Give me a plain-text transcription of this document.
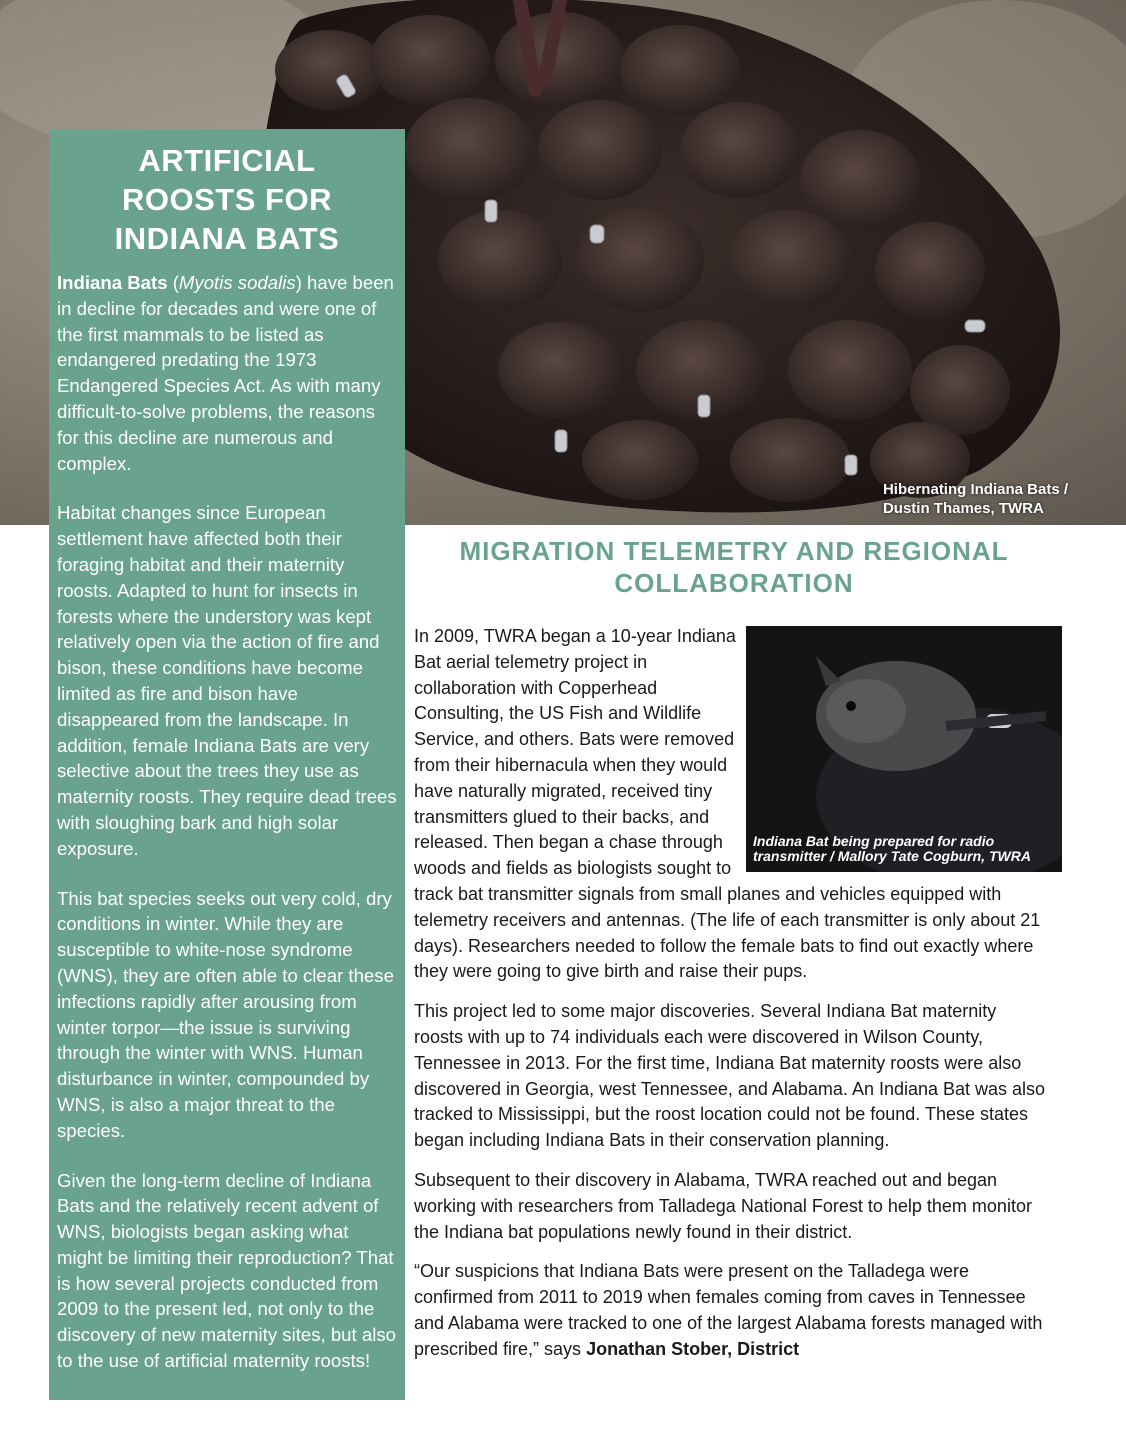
Hibernating Indiana Bats /
Dustin Thames, TWRA
ARTIFICIAL ROOSTS FOR INDIANA BATS

Indiana Bats (Myotis sodalis) have been in decline for decades and were one of the first mammals to be listed as endangered predating the 1973 Endangered Species Act. As with many difficult-to-solve problems, the reasons for this decline are numerous and complex.

Habitat changes since European settlement have affected both their foraging habitat and their maternity roosts. Adapted to hunt for insects in forests where the understory was kept relatively open via the action of fire and bison, these conditions have become limited as fire and bison have disappeared from the landscape. In addition, female Indiana Bats are very selective about the trees they use as maternity roosts. They require dead trees with sloughing bark and high solar exposure.

This bat species seeks out very cold, dry conditions in winter. While they are susceptible to white-nose syndrome (WNS), they are often able to clear these infections rapidly after arousing from winter torpor—the issue is surviving through the winter with WNS. Human disturbance in winter, compounded by WNS, is also a major threat to the species.

Given the long-term decline of Indiana Bats and the relatively recent advent of WNS, biologists began asking what might be limiting their reproduction? That is how several projects conducted from 2009 to the present led, not only to the discovery of new maternity sites, but also to the use of artificial maternity roosts!

MIGRATION TELEMETRY AND REGIONAL COLLABORATION
Indiana Bat being prepared for radio
transmitter / Mallory Tate Cogburn, TWRA

In 2009, TWRA began a 10-year Indiana Bat aerial telemetry project in collaboration with Copperhead Consulting, the US Fish and Wildlife Service, and others. Bats were removed from their hibernacula when they would have naturally migrated, received tiny transmitters glued to their backs, and released. Then began a chase through woods and fields as biologists sought to track bat transmitter signals from small planes and vehicles equipped with telemetry receivers and antennas. (The life of each transmitter is only about 21 days). Researchers needed to follow the female bats to find out exactly where they were going to give birth and raise their pups.

This project led to some major discoveries. Several Indiana Bat maternity roosts with up to 74 individuals each were discovered in Wilson County, Tennessee in 2013. For the first time, Indiana Bat maternity roosts were also discovered in Georgia, west Tennessee, and Alabama. An Indiana Bat was also tracked to Mississippi, but the roost location could not be found. These states began including Indiana Bats in their conservation planning.

Subsequent to their discovery in Alabama, TWRA reached out and began working with researchers from Talladega National Forest to help them monitor the Indiana bat populations newly found in their district.

“Our suspicions that Indiana Bats were present on the Talladega were confirmed from 2011 to 2019 when females coming from caves in Tennessee and Alabama were tracked to one of the largest Alabama forests managed with prescribed fire,” says Jonathan Stober, District
